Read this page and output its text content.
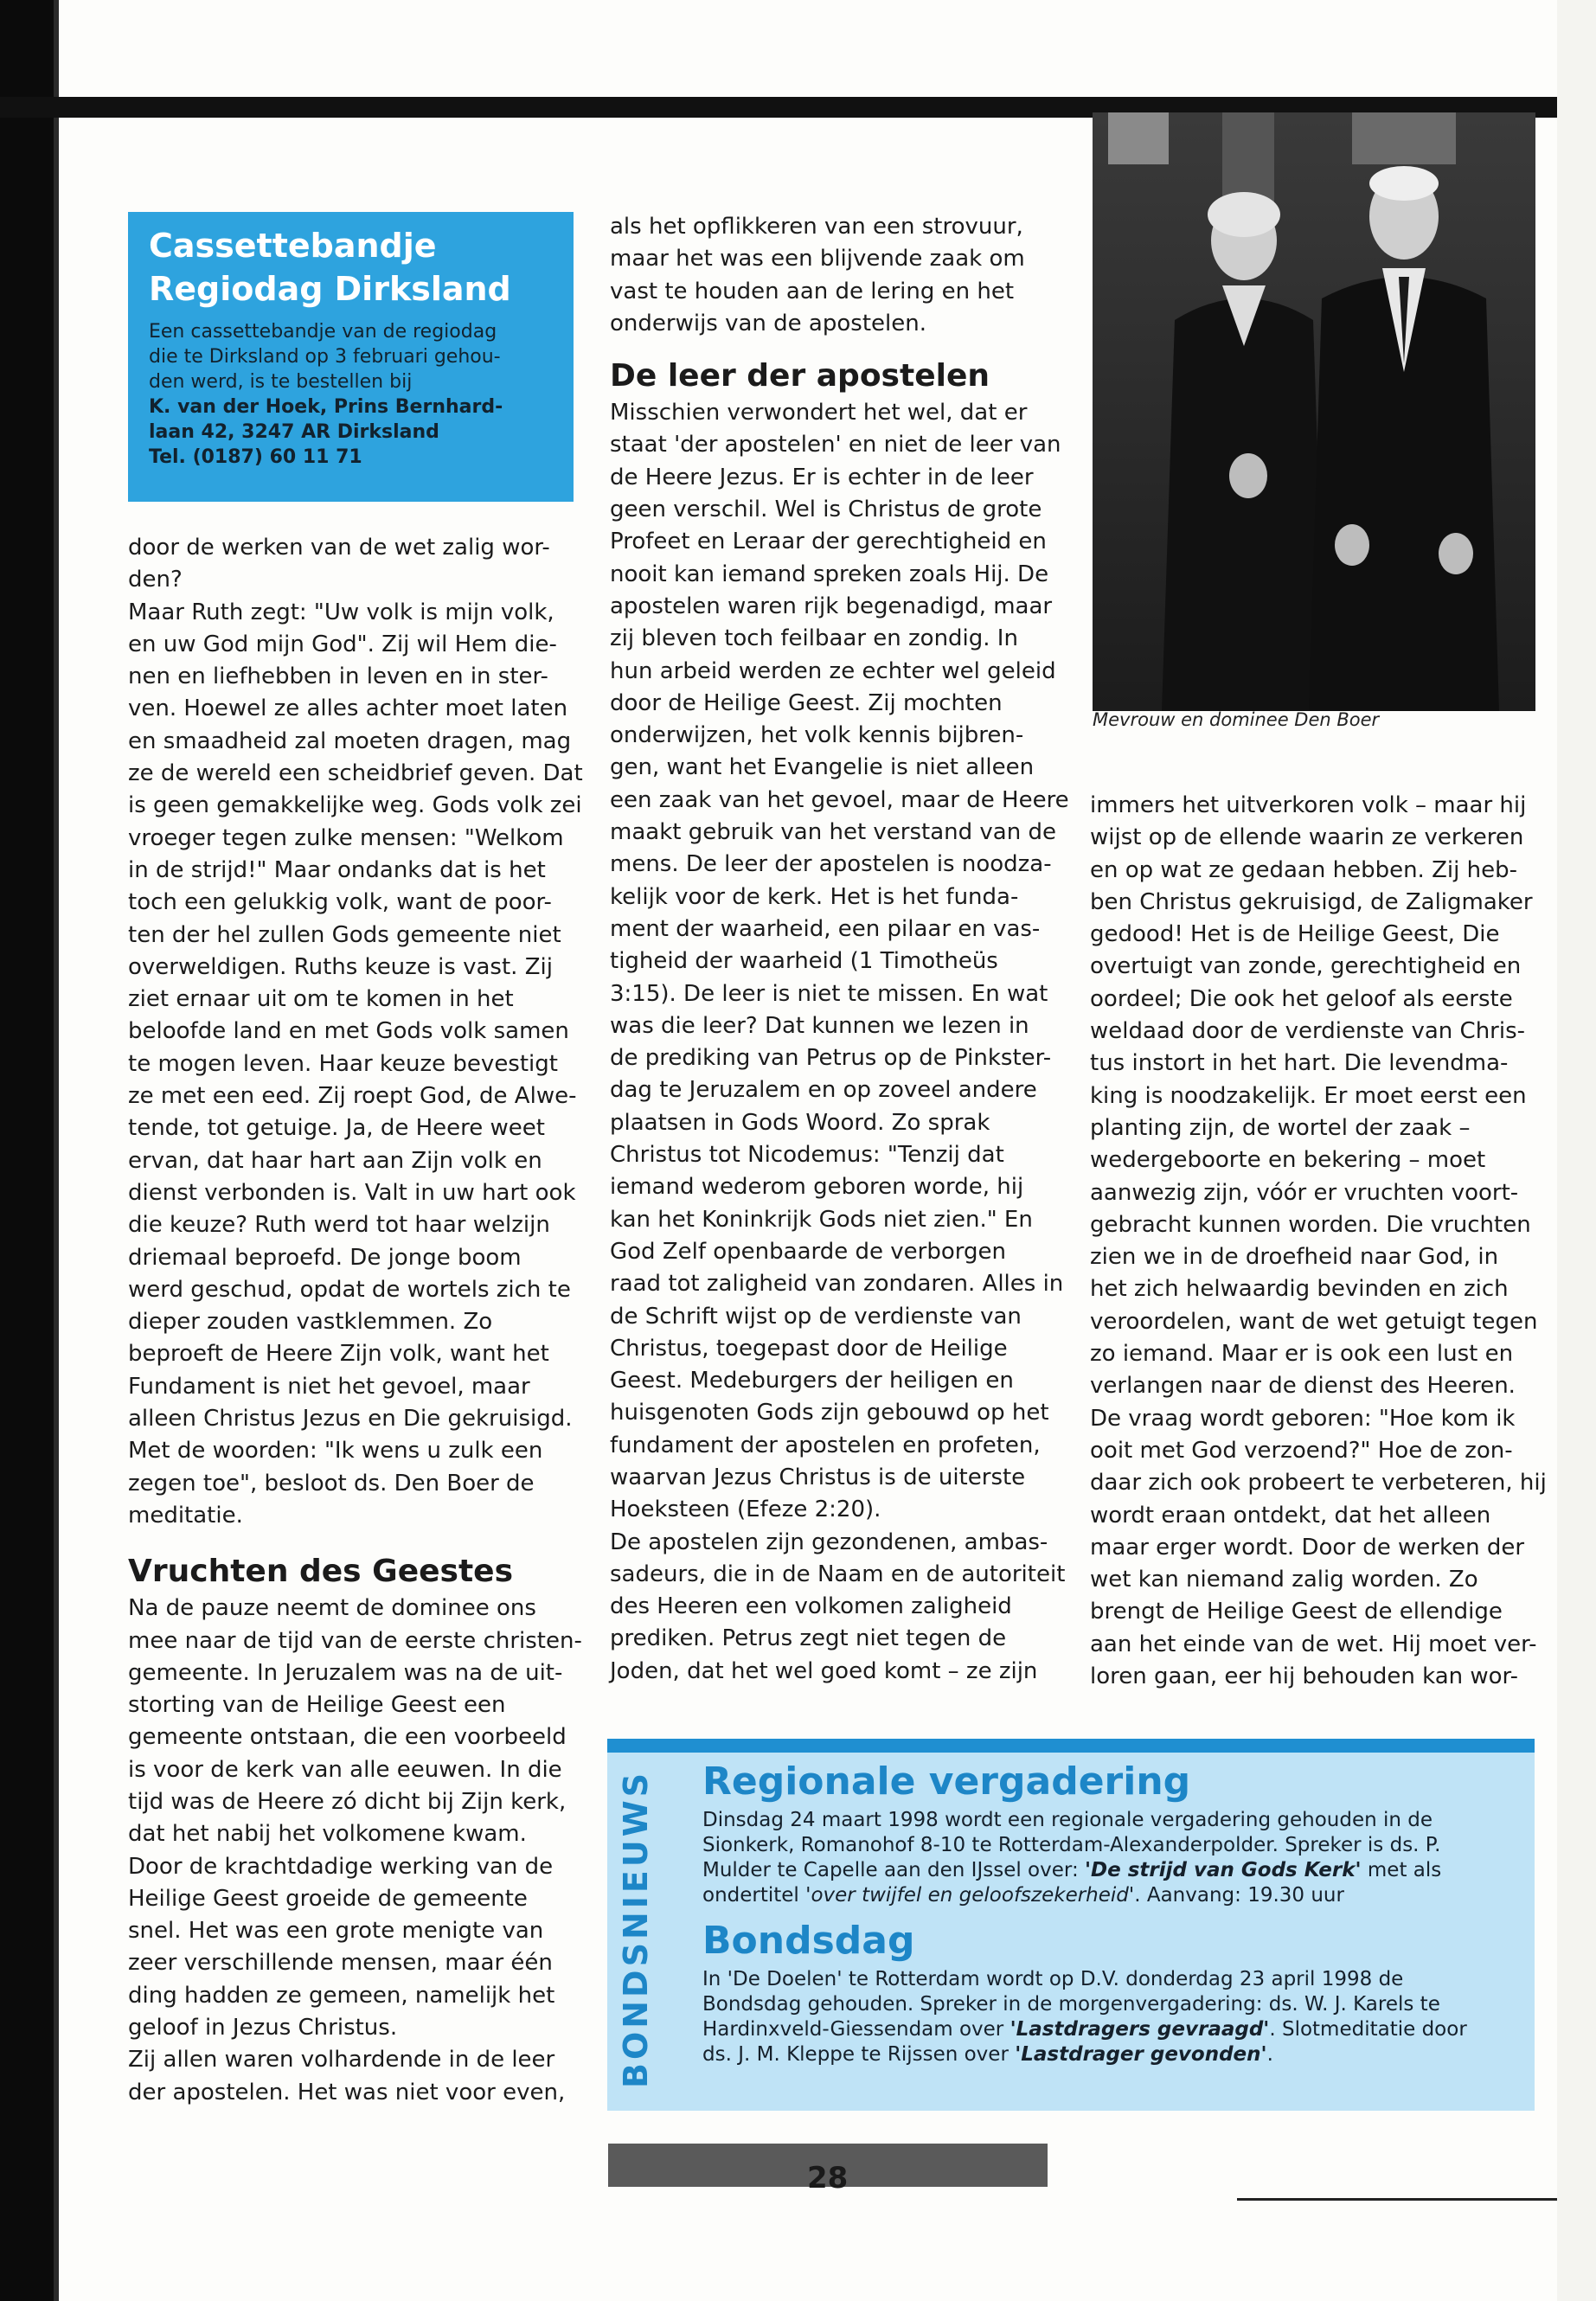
Cassettebandje
Regiodag Dirksland
Een cassettebandje van de regiodag
die te Dirksland op 3 februari gehou-
den werd, is te bestellen bij
K. van der Hoek, Prins Bernhard-
laan 42, 3247 AR Dirksland
Tel. (0187) 60 11 71
door de werken van de wet zalig wor-
den?
Maar Ruth zegt: "Uw volk is mijn volk,
en uw God mijn God". Zij wil Hem die-
nen en liefhebben in leven en in ster-
ven. Hoewel ze alles achter moet laten
en smaadheid zal moeten dragen, mag
ze de wereld een scheidbrief geven. Dat
is geen gemakkelijke weg. Gods volk zei
vroeger tegen zulke mensen: "Welkom
in de strijd!" Maar ondanks dat is het
toch een gelukkig volk, want de poor-
ten der hel zullen Gods gemeente niet
overweldigen. Ruths keuze is vast. Zij
ziet ernaar uit om te komen in het
beloofde land en met Gods volk samen
te mogen leven. Haar keuze bevestigt
ze met een eed. Zij roept God, de Alwe-
tende, tot getuige. Ja, de Heere weet
ervan, dat haar hart aan Zijn volk en
dienst verbonden is. Valt in uw hart ook
die keuze? Ruth werd tot haar welzijn
driemaal beproefd. De jonge boom
werd geschud, opdat de wortels zich te
dieper zouden vastklemmen. Zo
beproeft de Heere Zijn volk, want het
Fundament is niet het gevoel, maar
alleen Christus Jezus en Die gekruisigd.
Met de woorden: "Ik wens u zulk een
zegen toe", besloot ds. Den Boer de
meditatie.
Vruchten des Geestes
Na de pauze neemt de dominee ons
mee naar de tijd van de eerste christen-
gemeente. In Jeruzalem was na de uit-
storting van de Heilige Geest een
gemeente ontstaan, die een voorbeeld
is voor de kerk van alle eeuwen. In die
tijd was de Heere zó dicht bij Zijn kerk,
dat het nabij het volkomene kwam.
Door de krachtdadige werking van de
Heilige Geest groeide de gemeente
snel. Het was een grote menigte van
zeer verschillende mensen, maar één
ding hadden ze gemeen, namelijk het
geloof in Jezus Christus.
Zij allen waren volhardende in de leer
der apostelen. Het was niet voor even,
als het opflikkeren van een strovuur,
maar het was een blijvende zaak om
vast te houden aan de lering en het
onderwijs van de apostelen.
De leer der apostelen
Misschien verwondert het wel, dat er
staat 'der apostelen' en niet de leer van
de Heere Jezus. Er is echter in de leer
geen verschil. Wel is Christus de grote
Profeet en Leraar der gerechtigheid en
nooit kan iemand spreken zoals Hij. De
apostelen waren rijk begenadigd, maar
zij bleven toch feilbaar en zondig. In
hun arbeid werden ze echter wel geleid
door de Heilige Geest. Zij mochten
onderwijzen, het volk kennis bijbren-
gen, want het Evangelie is niet alleen
een zaak van het gevoel, maar de Heere
maakt gebruik van het verstand van de
mens. De leer der apostelen is noodza-
kelijk voor de kerk. Het is het funda-
ment der waarheid, een pilaar en vas-
tigheid der waarheid (1 Timotheüs
3:15). De leer is niet te missen. En wat
was die leer? Dat kunnen we lezen in
de prediking van Petrus op de Pinkster-
dag te Jeruzalem en op zoveel andere
plaatsen in Gods Woord. Zo sprak
Christus tot Nicodemus: "Tenzij dat
iemand wederom geboren worde, hij
kan het Koninkrijk Gods niet zien." En
God Zelf openbaarde de verborgen
raad tot zaligheid van zondaren. Alles in
de Schrift wijst op de verdienste van
Christus, toegepast door de Heilige
Geest. Medeburgers der heiligen en
huisgenoten Gods zijn gebouwd op het
fundament der apostelen en profeten,
waarvan Jezus Christus is de uiterste
Hoeksteen (Efeze 2:20).
De apostelen zijn gezondenen, ambas-
sadeurs, die in de Naam en de autoriteit
des Heeren een volkomen zaligheid
prediken. Petrus zegt niet tegen de
Joden, dat het wel goed komt – ze zijn
Mevrouw en dominee Den Boer
immers het uitverkoren volk – maar hij
wijst op de ellende waarin ze verkeren
en op wat ze gedaan hebben. Zij heb-
ben Christus gekruisigd, de Zaligmaker
gedood! Het is de Heilige Geest, Die
overtuigt van zonde, gerechtigheid en
oordeel; Die ook het geloof als eerste
weldaad door de verdienste van Chris-
tus instort in het hart. Die levendma-
king is noodzakelijk. Er moet eerst een
planting zijn, de wortel der zaak –
wedergeboorte en bekering – moet
aanwezig zijn, vóór er vruchten voort-
gebracht kunnen worden. Die vruchten
zien we in de droefheid naar God, in
het zich helwaardig bevinden en zich
veroordelen, want de wet getuigt tegen
zo iemand. Maar er is ook een lust en
verlangen naar de dienst des Heeren.
De vraag wordt geboren: "Hoe kom ik
ooit met God verzoend?" Hoe de zon-
daar zich ook probeert te verbeteren, hij
wordt eraan ontdekt, dat het alleen
maar erger wordt. Door de werken der
wet kan niemand zalig worden. Zo
brengt de Heilige Geest de ellendige
aan het einde van de wet. Hij moet ver-
loren gaan, eer hij behouden kan wor-
BONDSNIEUWS Regionale vergadering
Dinsdag 24 maart 1998 wordt een regionale vergadering gehouden in de
Sionkerk, Romanohof 8-10 te Rotterdam-Alexanderpolder. Spreker is ds. P.
Mulder te Capelle aan den IJssel over: 'De strijd van Gods Kerk' met als
ondertitel 'over twijfel en geloofszekerheid'. Aanvang: 19.30 uur
Bondsdag
In 'De Doelen' te Rotterdam wordt op D.V. donderdag 23 april 1998 de
Bondsdag gehouden. Spreker in de morgenvergadering: ds. W. J. Karels te
Hardinxveld-Giessendam over 'Lastdragers gevraagd'. Slotmeditatie door
ds. J. M. Kleppe te Rijssen over 'Lastdrager gevonden'.
28
